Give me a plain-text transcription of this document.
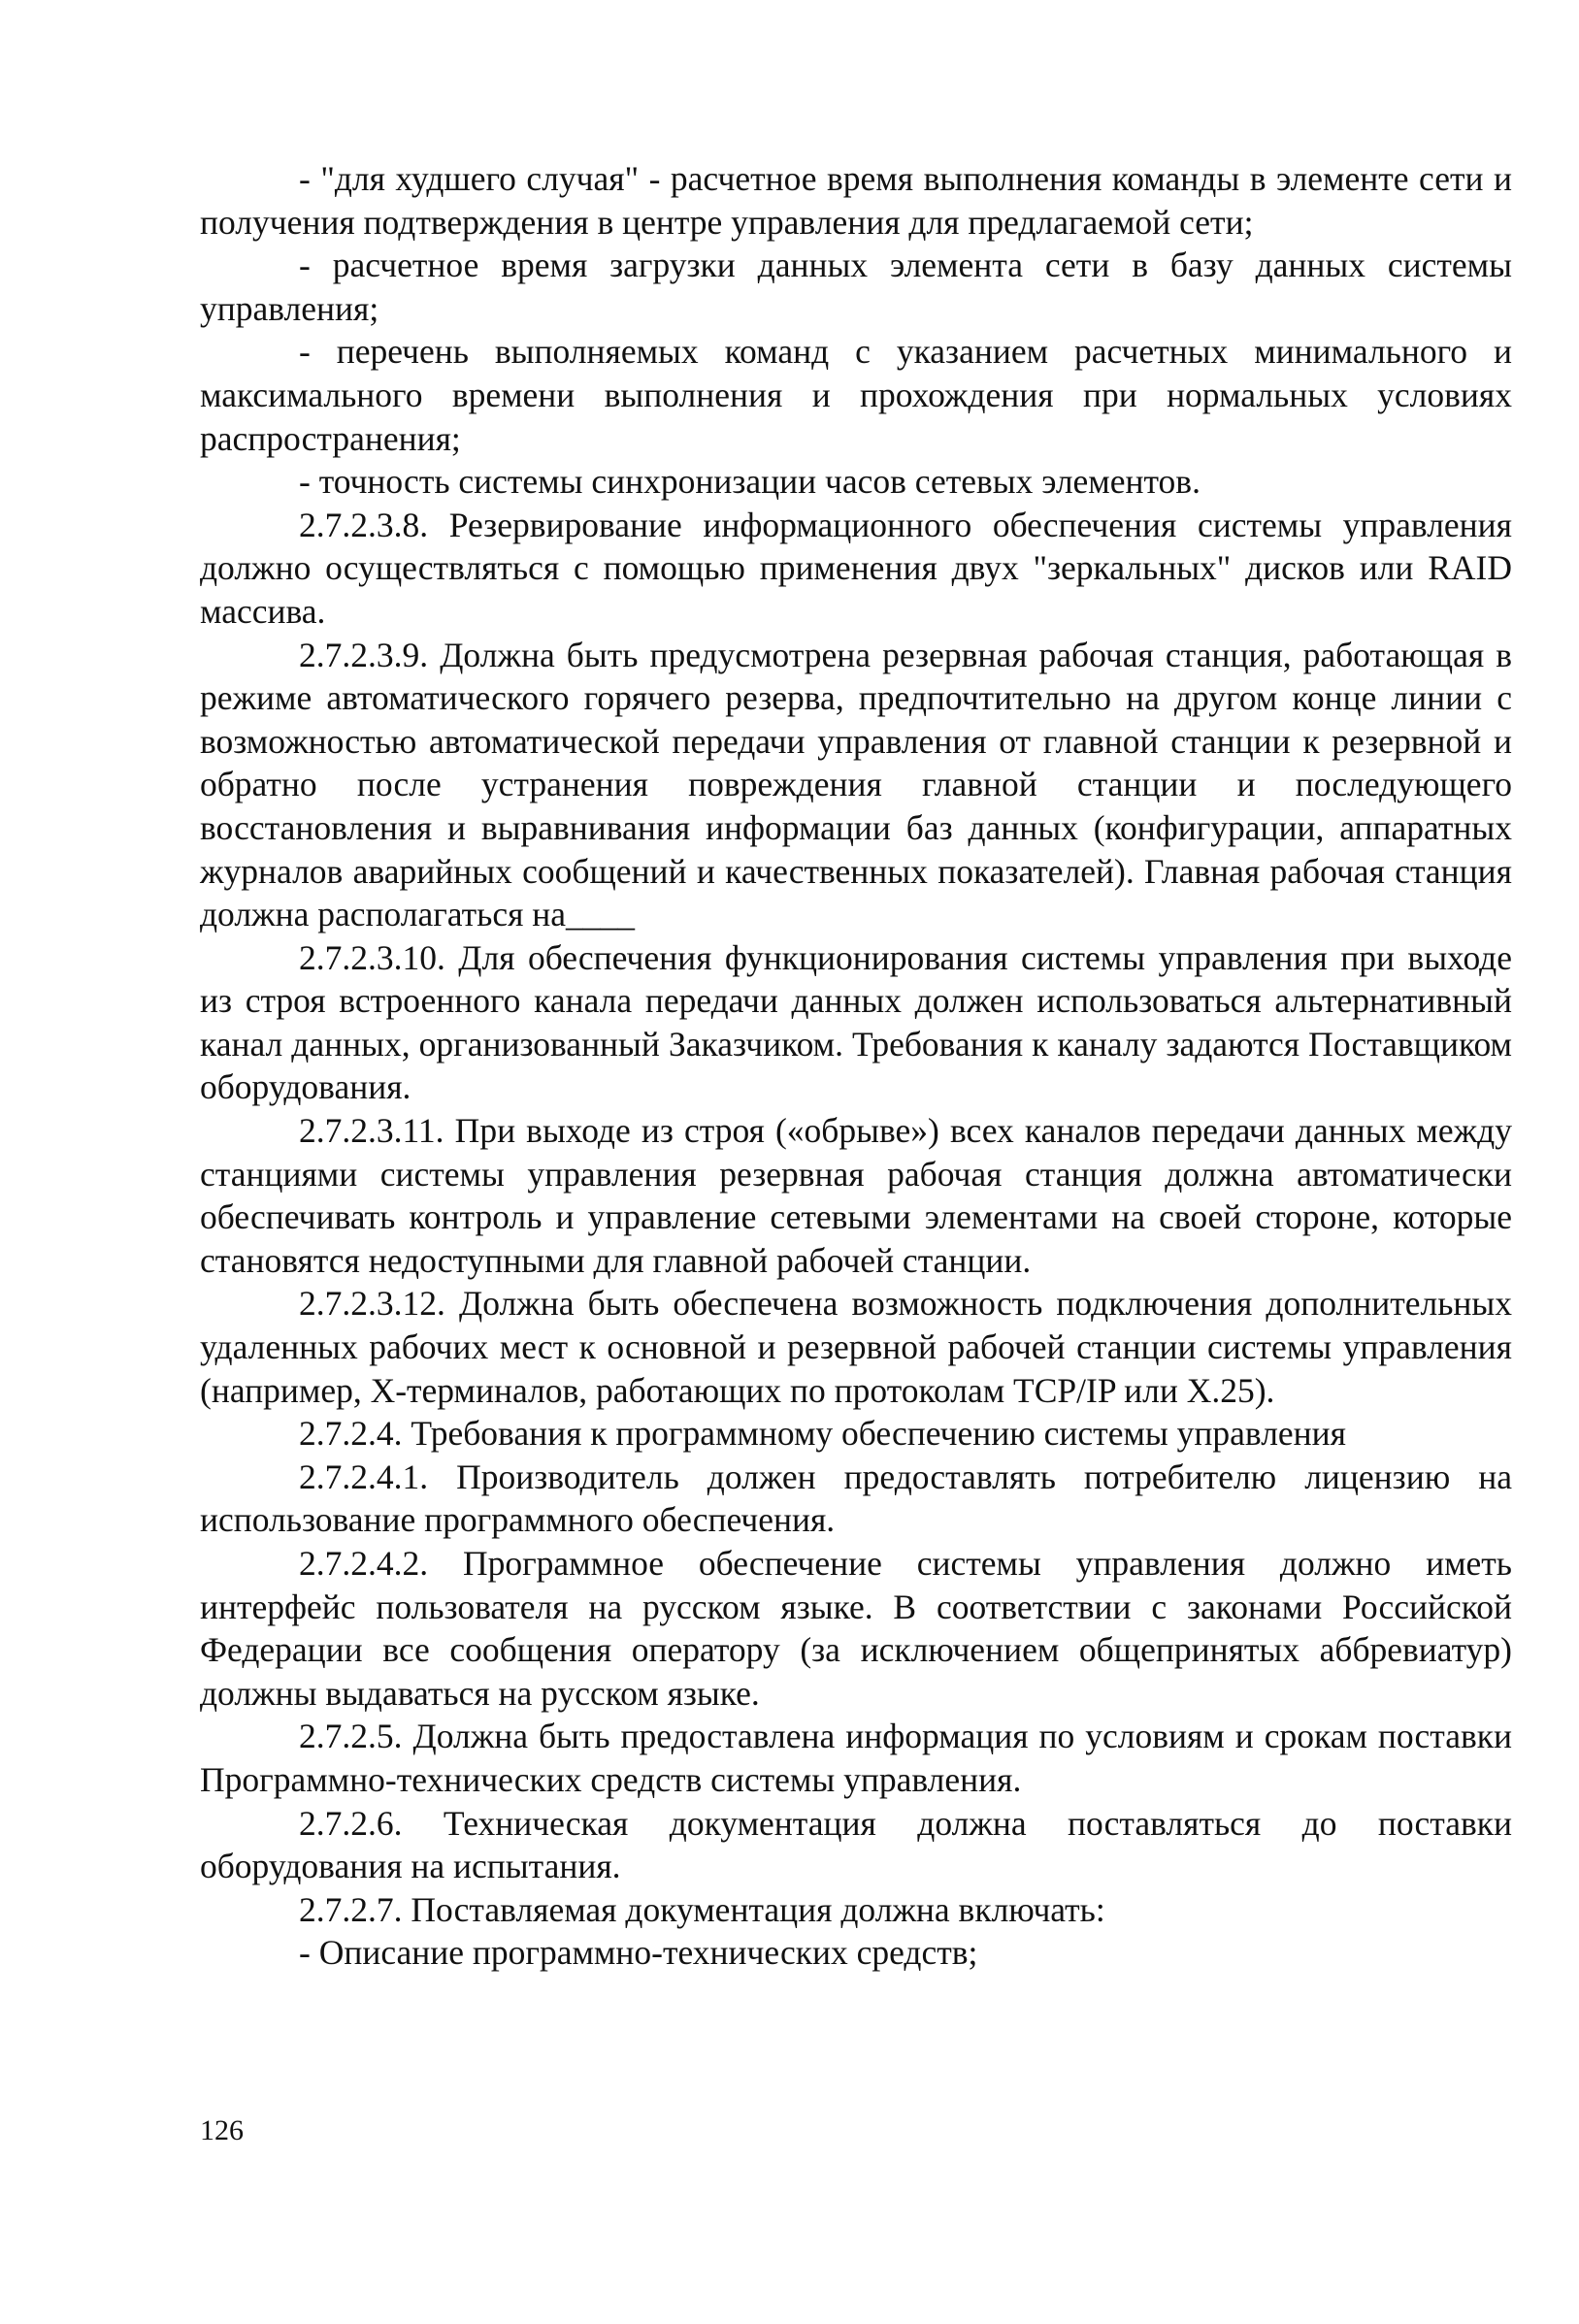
- "для худшего случая" - расчетное время выполнения команды в элементе сети и получения подтверждения в центре управления для предлагаемой сети;

- расчетное время загрузки данных элемента сети в базу данных системы управления;

- перечень выполняемых команд с указанием расчетных минимального и максимального времени выполнения и прохождения при нормальных условиях распространения;

- точность системы синхронизации часов сетевых элементов.

2.7.2.3.8. Резервирование информационного обеспечения системы управления должно осуществляться с помощью применения двух "зеркальных" дисков или RAID массива.

2.7.2.3.9. Должна быть предусмотрена резервная рабочая станция, работающая в режиме автоматического горячего резерва, предпочтительно на другом конце линии с возможностью автоматической передачи управления от главной станции к резервной и обратно после устранения повреждения главной станции и последующего восстановления и выравнивания информации баз данных (конфигурации, аппаратных журналов аварийных сообщений и качественных показателей). Главная рабочая станция должна располагаться на____

2.7.2.3.10. Для обеспечения функционирования системы управления при выходе из строя встроенного канала передачи данных должен использоваться альтернативный канал данных, организованный Заказчиком. Требования к каналу задаются Поставщиком оборудования.

2.7.2.3.11. При выходе из строя («обрыве») всех каналов передачи данных между станциями системы управления резервная рабочая станция должна автоматически обеспечивать контроль и управление сетевыми элементами на своей стороне, которые становятся недоступными для главной рабочей станции.

2.7.2.3.12. Должна быть обеспечена возможность подключения дополнительных удаленных рабочих мест к основной и резервной рабочей станции системы управления (например, Х-терминалов, работающих по протоколам TCP/IP или Х.25).

2.7.2.4. Требования к программному обеспечению системы управления

2.7.2.4.1. Производитель должен предоставлять потребителю лицензию на использование программного обеспечения.

2.7.2.4.2. Программное обеспечение системы управления должно иметь интерфейс пользователя на русском языке. В соответствии с законами Российской Федерации все сообщения оператору (за исключением общепринятых аббревиатур) должны выдаваться на русском языке.

2.7.2.5. Должна быть предоставлена информация по условиям и срокам поставки Программно-технических средств системы управления.

2.7.2.6. Техническая документация должна поставляться до поставки оборудования на испытания.

2.7.2.7. Поставляемая документация должна включать:

- Описание программно-технических средств;

126
